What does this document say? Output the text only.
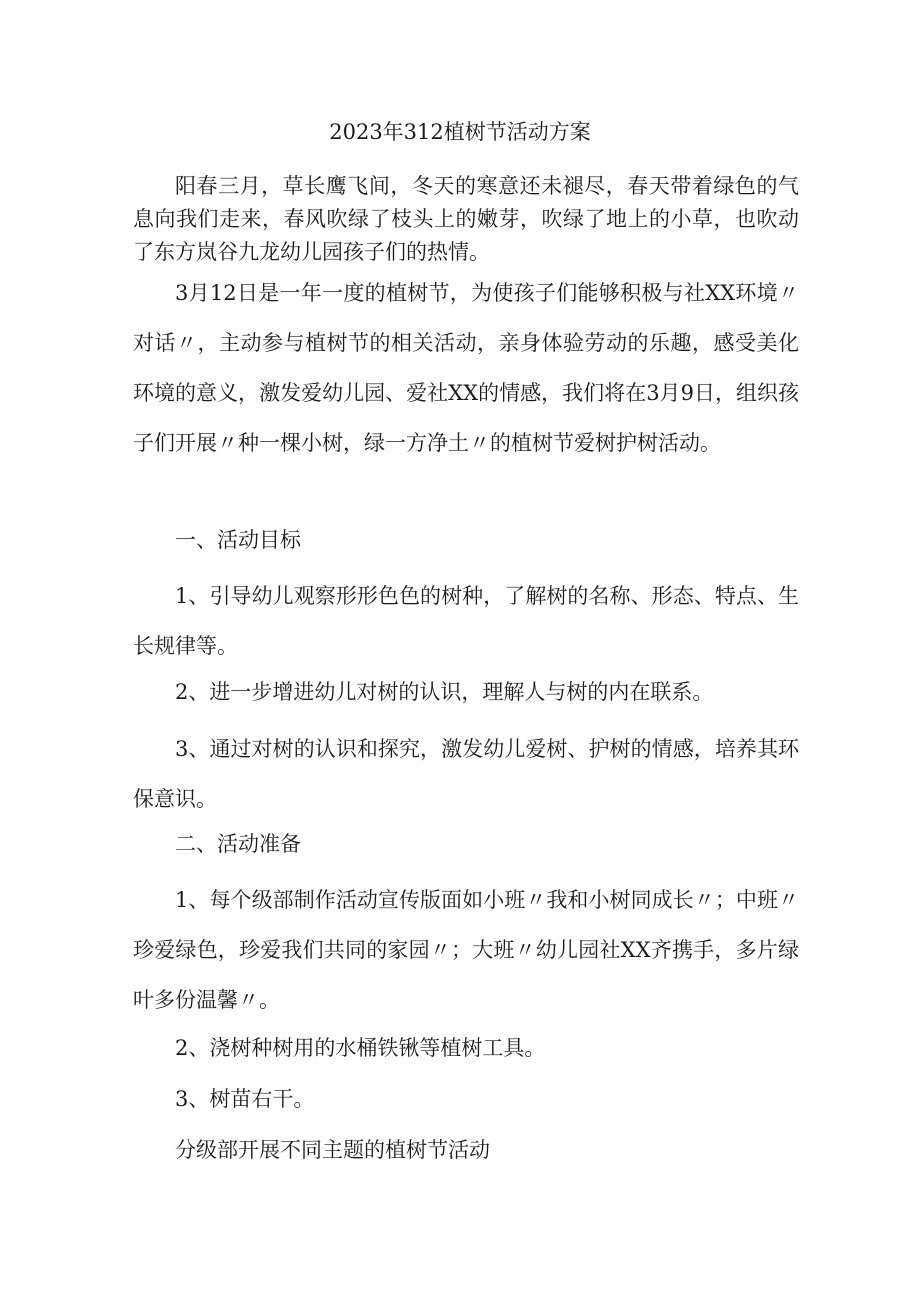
2023年312植树节活动方案

阳春三月，草长鹰飞间，冬天的寒意还未褪尽，春天带着绿色的气息向我们走来，春风吹绿了枝头上的嫩芽，吹绿了地上的小草，也吹动了东方岚谷九龙幼儿园孩子们的热情。

3月12日是一年一度的植树节，为使孩子们能够积极与社XX环境〃对话〃，主动参与植树节的相关活动，亲身体验劳动的乐趣，感受美化环境的意义，激发爱幼儿园、爱社XX的情感，我们将在3月9日，组织孩子们开展〃种一棵小树，绿一方净土〃的植树节爱树护树活动。

一、活动目标

1、引导幼儿观察形形色色的树种，了解树的名称、形态、特点、生长规律等。

2、进一步增进幼儿对树的认识，理解人与树的内在联系。

3、通过对树的认识和探究，激发幼儿爱树、护树的情感，培养其环保意识。

二、活动准备

1、每个级部制作活动宣传版面如小班〃我和小树同成长〃；中班〃珍爱绿色，珍爱我们共同的家园〃；大班〃幼儿园社XX齐携手，多片绿叶多份温馨〃。

2、浇树种树用的水桶铁锹等植树工具。

3、树苗右干。

分级部开展不同主题的植树节活动
